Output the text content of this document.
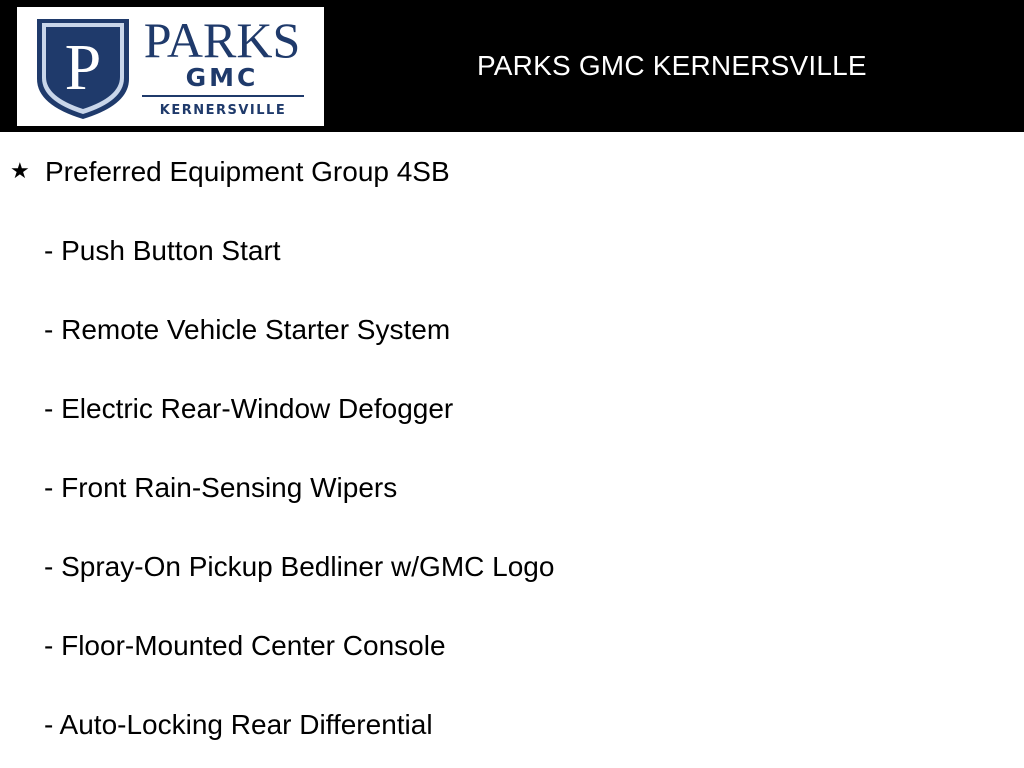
P PARKS
GMC
KERNERSVILLE
PARKS GMC KERNERSVILLE
★ Preferred Equipment Group 4SB
- Push Button Start
- Remote Vehicle Starter System
- Electric Rear-Window Defogger
- Front Rain-Sensing Wipers
- Spray-On Pickup Bedliner w/GMC Logo
- Floor-Mounted Center Console
- Auto-Locking Rear Differential
